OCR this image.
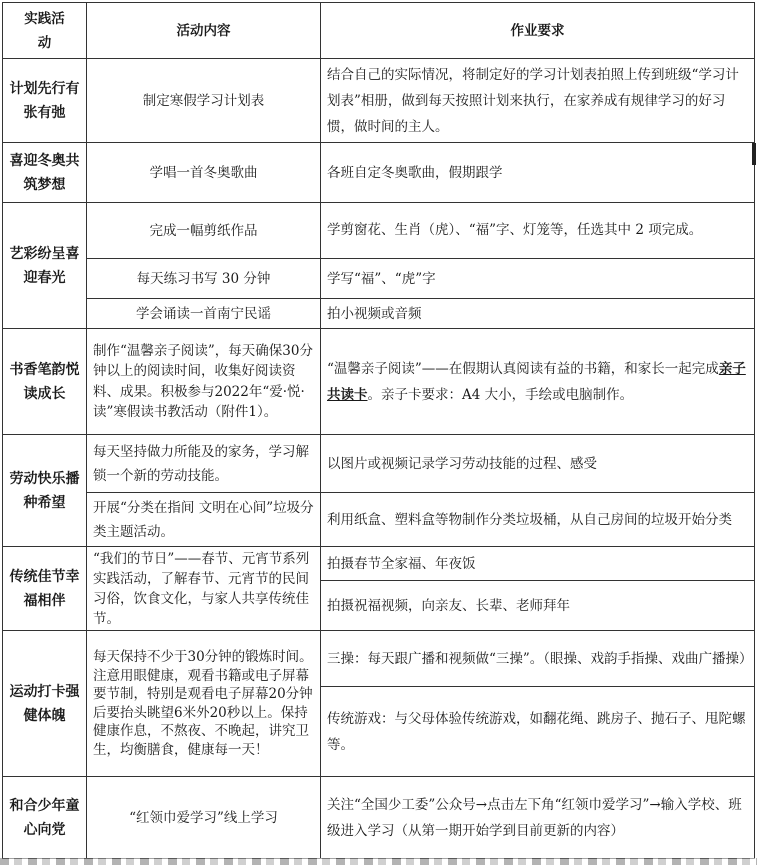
实践活动	活动内容	作业要求
计划先行有张有弛	制定寒假学习计划表	结合自己的实际情况，将制定好的学习计划表拍照上传到班级“学习计划表”相册，做到每天按照计划来执行，在家养成有规律学习的好习惯，做时间的主人。
喜迎冬奥共筑梦想	学唱一首冬奥歌曲	各班自定冬奥歌曲，假期跟学
艺彩纷呈喜迎春光	完成一幅剪纸作品	学剪窗花、生肖（虎）、“福”字、灯笼等，任选其中 2 项完成。
	每天练习书写 30 分钟	学写“福”、“虎”字
	学会诵读一首南宁民谣	拍小视频或音频
书香笔韵悦读成长	制作“温馨亲子阅读”，每天确保30分钟以上的阅读时间，收集好阅读资料、成果。积极参与2022年“爱·悦·读”寒假读书教活动（附件1）。	“温馨亲子阅读”——在假期认真阅读有益的书籍，和家长一起完成亲子共读卡。亲子卡要求：A4 大小，手绘或电脑制作。
劳动快乐播种希望	每天坚持做力所能及的家务，学习解锁一个新的劳动技能。	以图片或视频记录学习劳动技能的过程、感受
	开展“分类在指间 文明在心间”垃圾分类主题活动。	利用纸盒、塑料盒等物制作分类垃圾桶，从自己房间的垃圾开始分类
传统佳节幸福相伴	“我们的节日”——春节、元宵节系列实践活动，了解春节、元宵节的民间习俗，饮食文化，与家人共享传统佳节。	拍摄春节全家福、年夜饭
		拍摄祝福视频，向亲友、长辈、老师拜年
运动打卡强健体魄	每天保持不少于30分钟的锻炼时间。注意用眼健康，观看书籍或电子屏幕要节制，特别是观看电子屏幕20分钟后要抬头眺望6米外20秒以上。保持健康作息，不熬夜、不晚起，讲究卫生，均衡膳食，健康每一天！	三操：每天跟广播和视频做“三操”。（眼操、戏韵手指操、戏曲广播操）
		传统游戏：与父母体验传统游戏，如翻花绳、跳房子、抛石子、甩陀螺等。
和合少年童心向党	“红领巾爱学习”线上学习	关注“全国少工委”公众号→点击左下角“红领巾爱学习”→输入学校、班级进入学习（从第一期开始学到目前更新的内容）
